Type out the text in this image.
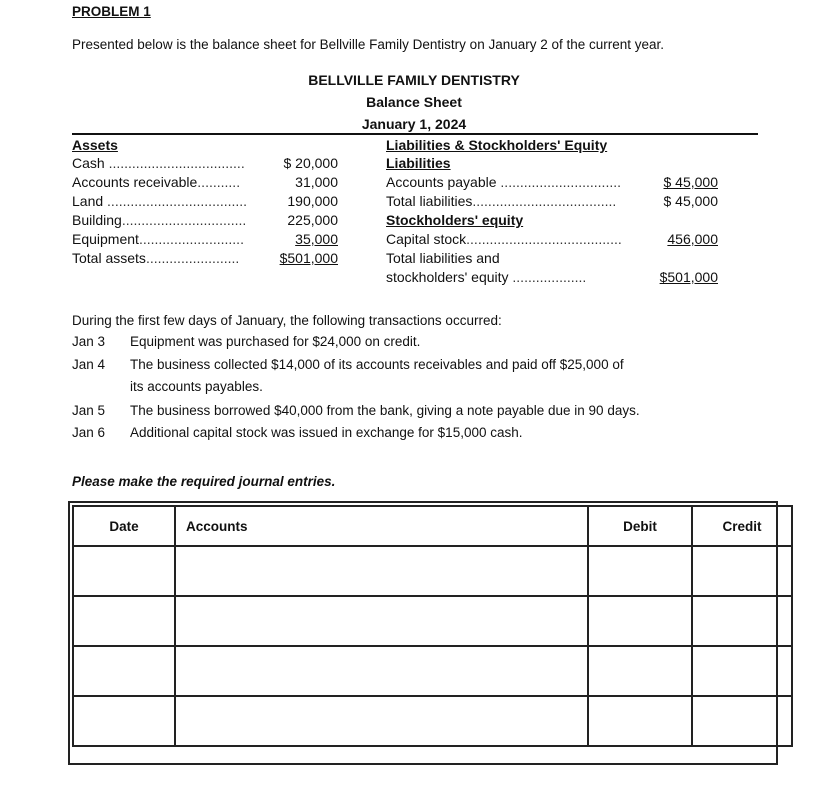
PROBLEM 1
Presented below is the balance sheet for Bellville Family Dentistry on January 2 of the current year.
BELLVILLE FAMILY DENTISTRY
Balance Sheet
January 1, 2024
Assets
Cash ...................................	$ 20,000
Accounts receivable...........	31,000
Land ....................................	190,000
Building................................	225,000
Equipment...........................	35,000
Total assets........................	$501,000
Liabilities & Stockholders' Equity
Liabilities
Accounts payable ...............................	$ 45,000
Total liabilities.....................................	$ 45,000
Stockholders' equity
Capital stock........................................	456,000
Total liabilities and
stockholders' equity ...................	$501,000
During the first few days of January, the following transactions occurred:
Jan 3 Equipment was purchased for $24,000 on credit.
Jan 4 The business collected $14,000 of its accounts receivables and paid off $25,000 of
its accounts payables.
Jan 5 The business borrowed $40,000 from the bank, giving a note payable due in 90 days.
Jan 6 Additional capital stock was issued in exchange for $15,000 cash.
Please make the required journal entries.
Date	Accounts	Debit	Credit
